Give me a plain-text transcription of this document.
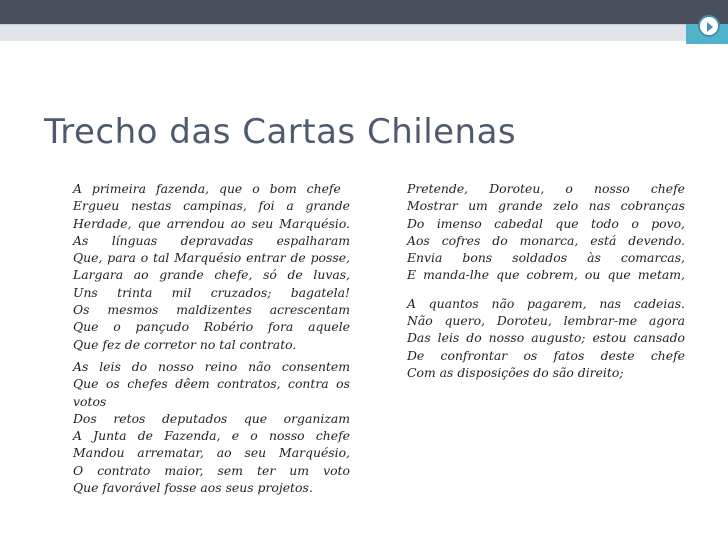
Trecho das Cartas Chilenas
A primeira fazenda, que o bom chefe
Ergueu nestas campinas, foi a grande
Herdade, que arrendou ao seu Marquésio.
As línguas depravadas espalharam
Que, para o tal Marquésio entrar de posse,
Largara ao grande chefe, só de luvas,
Uns trinta mil cruzados; bagatela!
Os mesmos maldizentes acrescentam
Que o pançudo Robério fora aquele
Que fez de corretor no tal contrato.
As leis do nosso reino não consentem
Que os chefes dêem contratos, contra os
votos
Dos retos deputados que organizam
A Junta de Fazenda, e o nosso chefe
Mandou arrematar, ao seu Marquésio,
O contrato maior, sem ter um voto
Que favorável fosse aos seus projetos.
Pretende, Doroteu, o nosso chefe
Mostrar um grande zelo nas cobranças
Do imenso cabedal que todo o povo,
Aos cofres do monarca, está devendo.
Envia bons soldados às comarcas,
E manda-lhe que cobrem, ou que metam,
A quantos não pagarem, nas cadeias.
Não quero, Doroteu, lembrar-me agora
Das leis do nosso augusto; estou cansado
De confrontar os fatos deste chefe
Com as disposições do são direito;
